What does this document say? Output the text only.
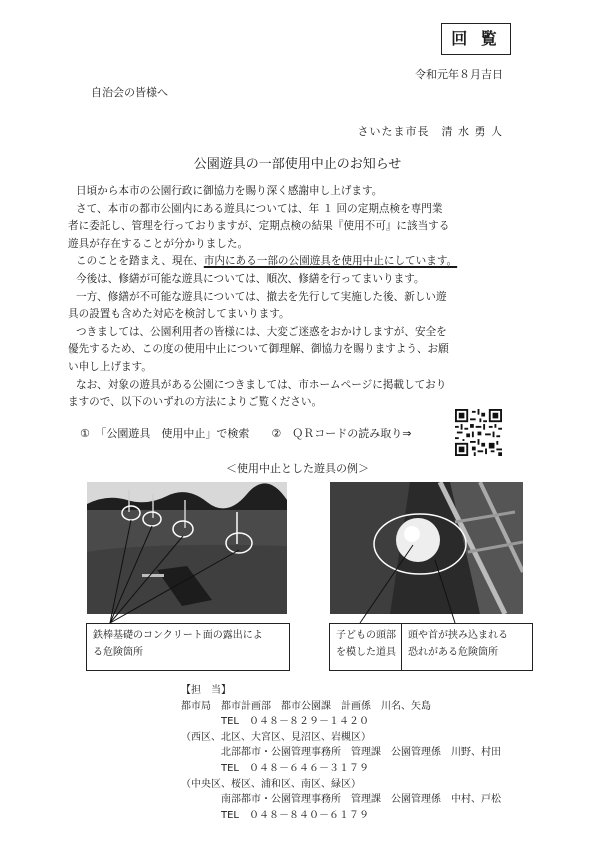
回 覧
令和元年８月吉日
自治会の皆様へ
さいたま市長　清 水 勇 人
公園遊具の一部使用中止のお知らせ

日頃から本市の公園行政に御協力を賜り深く感謝申し上げます。

さて、本市の都市公園内にある遊具については、年 １ 回の定期点検を専門業

者に委託し、管理を行っておりますが、定期点検の結果『使用不可』に該当する

遊具が存在することが分かりました。

このことを踏まえ、現在、市内にある一部の公園遊具を使用中止にしています。

今後は、修繕が可能な遊具については、順次、修繕を行ってまいります。

一方、修繕が不可能な遊具については、撤去を先行して実施した後、新しい遊

具の設置も含めた対応を検討してまいります。

つきましては、公園利用者の皆様には、大変ご迷惑をおかけしますが、安全を

優先するため、この度の使用中止について御理解、御協力を賜りますよう、お願

い申し上げます。

なお、対象の遊具がある公園につきましては、市ホームページに掲載しており

ますので、以下のいずれの方法によりご覧ください。

①　「公園遊具　使用中止」で検索　　②　ＱＲコードの読み取り⇒
＜使用中止とした遊具の例＞
鉄棒基礎のコンクリート面の露出によ
る危険箇所
子どもの頭部
を模した道具
頭や首が挟み込まれる
恐れがある危険箇所

【担　当】

都市局　都市計画部　都市公園課　計画係　川名、矢島

　　　　TEL　０４８－８２９－１４２０

（西区、北区、大宮区、見沼区、岩槻区）

　　　　北部都市・公園管理事務所　管理課　公園管理係　川野、村田

　　　　TEL　０４８－６４６－３１７９

（中央区、桜区、浦和区、南区、緑区）

　　　　南部都市・公園管理事務所　管理課　公園管理係　中村、戸松

　　　　TEL　０４８－８４０－６１７９
